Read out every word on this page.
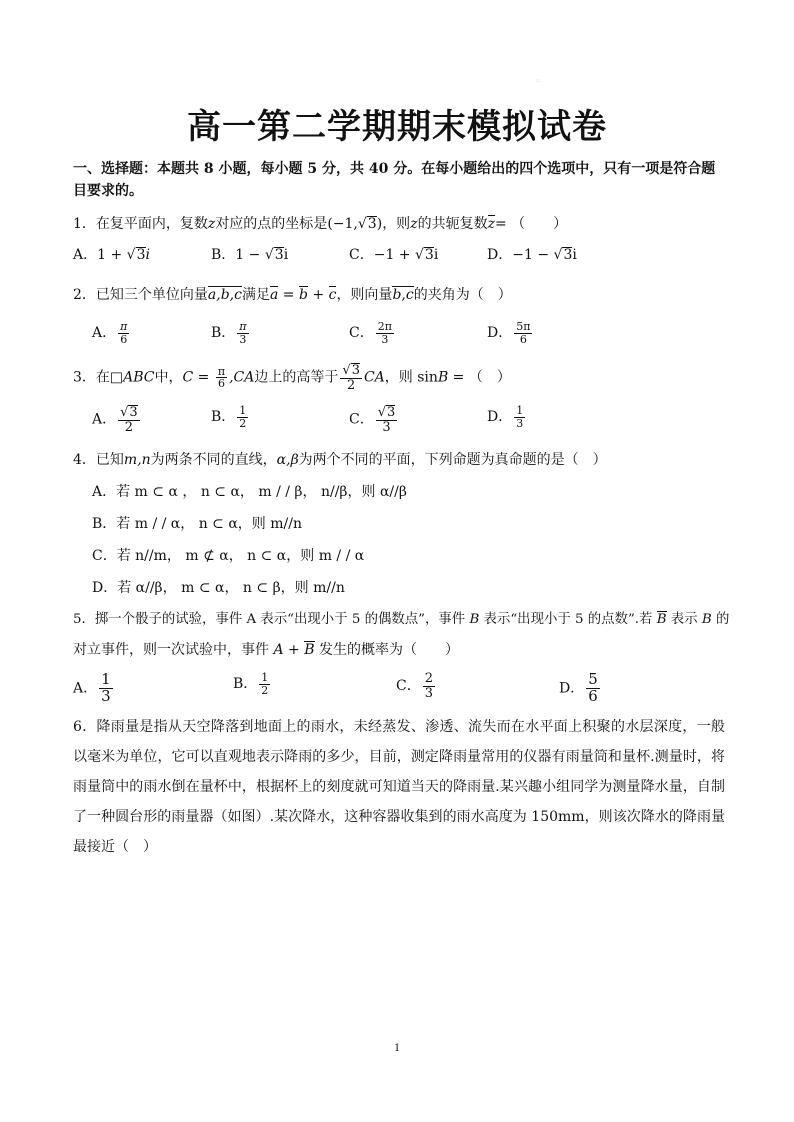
::
高一第二学期期末模拟试卷
一、选择题：本题共 8 小题，每小题 5 分，共 40 分。在每小题给出的四个选项中，只有一项是符合题目要求的。
1．在复平面内，复数z对应的点的坐标是(−1,√3)，则z的共轭复数z= （　　）
A．1 + √3i	B．1 − √3i	C．−1 + √3i	D．−1 − √3i
2．已知三个单位向量a,b,c满足a = b + c，则向量b,c的夹角为（　）
A． $\frac{\pi}{6}$	B． $\frac{\pi}{3}$	C． $\frac{2\pi}{3}$	D． $\frac{5\pi}{6}$
3．在□ABC中，$C = \frac{\pi}{6} ,CA$边上的高等于 $\frac{√3}{2}$ CA，则 sinB = （　）
A． $\frac{√3}{2}$	B． $\frac{1}{2}$	C． $\frac{√3}{3}$	D． $\frac{1}{3}$
4．已知m,n为两条不同的直线，α,β为两个不同的平面，下列命题为真命题的是（　）
A．若 m ⊂ α ， n ⊂ α， m / / β， n//β，则 α//β
B．若 m / / α， n ⊂ α，则 m//n
C．若 n//m， m ⊄ α， n ⊂ α，则 m / / α
D．若 α//β， m ⊂ α， n ⊂ β，则 m//n
5．掷一个骰子的试验，事件 A 表示“出现小于 5 的偶数点”，事件 B 表示“出现小于 5 的点数”.若 B 表示 B 的
对立事件，则一次试验中，事件 A + B 发生的概率为（　　）
A． $\frac{1}{3}$	B． $\frac{1}{2}$	C． $\frac{2}{3}$	D． $\frac{5}{6}$
6．降雨量是指从天空降落到地面上的雨水，未经蒸发、渗透、流失而在水平面上积聚的水层深度，一般以毫米为单位，它可以直观地表示降雨的多少，目前，测定降雨量常用的仪器有雨量筒和量杯.测量时，将雨量筒中的雨水倒在量杯中，根据杯上的刻度就可知道当天的降雨量.某兴趣小组同学为测量降水量，自制了一种圆台形的雨量器（如图）.某次降水，这种容器收集到的雨水高度为 150mm，则该次降水的降雨量最接近（　）
1
